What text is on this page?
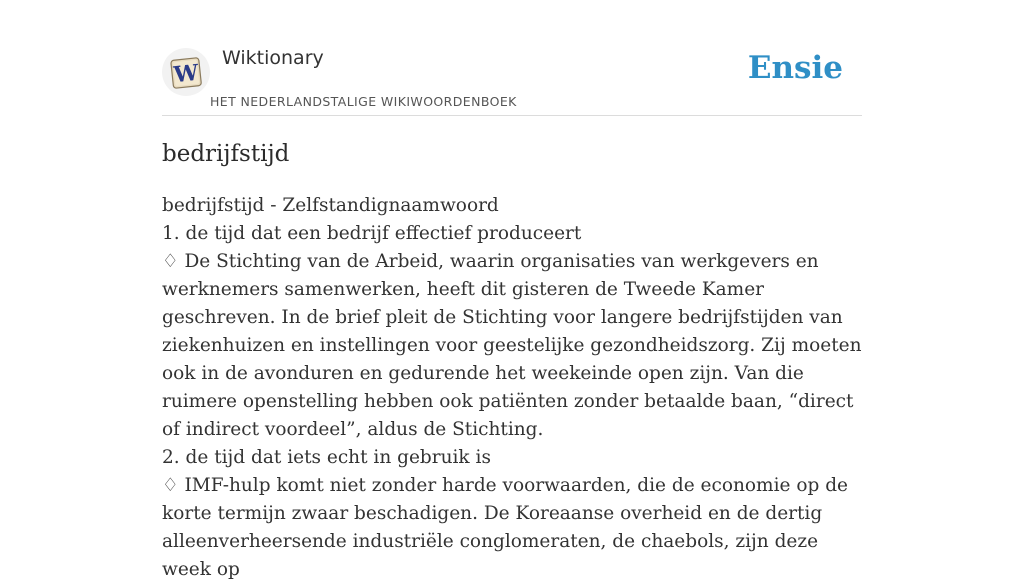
W
Wiktionary
HET NEDERLANDSTALIGE WIKIWOORDENBOEK
Ensie
bedrijfstijd
bedrijfstijd - Zelfstandignaamwoord
1. de tijd dat een bedrijf effectief produceert
♢ De Stichting van de Arbeid, waarin organisaties van werkgevers en werknemers samenwerken, heeft dit gisteren de Tweede Kamer geschreven. In de brief pleit de Stichting voor langere bedrijfstijden van ziekenhuizen en instellingen voor geestelijke gezondheidszorg. Zij moeten ook in de avonduren en gedurende het weekeinde open zijn. Van die ruimere openstelling hebben ook patiënten zonder betaalde baan, “direct of indirect voordeel”, aldus de Stichting.
2. de tijd dat iets echt in gebruik is
♢ IMF-hulp komt niet zonder harde voorwaarden, die de economie op de korte termijn zwaar beschadigen. De Koreaanse overheid en de dertig alleenverheersende industriële conglomeraten, de chaebols, zijn deze week op
